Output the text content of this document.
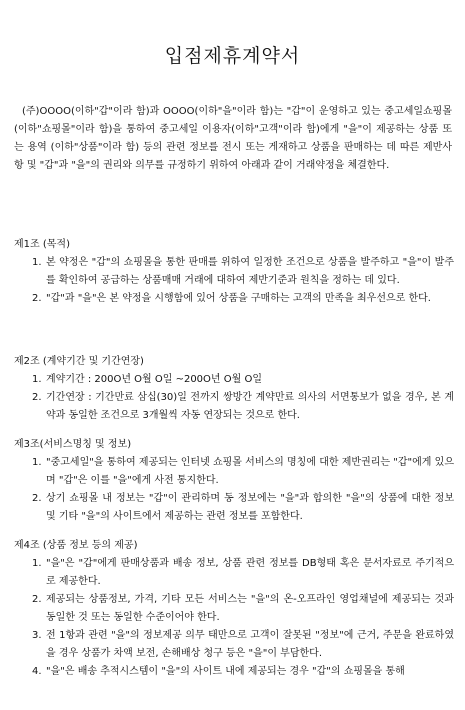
입점제휴계약서

(주)OOOO(이하"갑"이라 함)과 OOOO(이하"을"이라 함)는 "갑"이 운영하고 있는 중고세일쇼핑몰(이하"쇼핑몰"이라 함)을 통하여 중고세일 이용자(이하"고객"이라 함)에게 "을"이 제공하는 상품 또는 용역 (이하"상품"이라 함) 등의 관련 정보를 전시 또는 게재하고 상품을 판매하는 데 따른 제반사항 및 "갑"과 "을"의 권리와 의무를 규정하기 위하여 아래과 같이 거래약정을 체결한다.

제1조 (목적)

1. 본 약정은 "갑"의 쇼핑몰을 통한 판매를 위하여 일정한 조건으로 상품을 발주하고 "을"이 발주를 확인하여 공급하는 상품매매 거래에 대하여 제반기준과 원칙을 정하는 데 있다.
2. "갑"과 "을"은 본 약정을 시행함에 있어 상품을 구매하는 고객의 만족을 최우선으로 한다.

제2조 (계약기간 및 기간연장)

1. 계약기간 : 200O년 O월 O일 ~200O년 O월 O일
2. 기간연장 : 기간만료 삼십(30)일 전까지 쌍방간 계약만료 의사의 서면통보가 없을 경우, 본 계약과 동일한 조건으로 3개월씩 자동 연장되는 것으로 한다.

제3조(서비스명칭 및 정보)

1. "중고세일"을 통하여 제공되는 인터넷 쇼핑몰 서비스의 명칭에 대한 제반권리는 "갑"에게 있으며 "갑"은 이를 "을"에게 사전 통지한다.
2. 상기 쇼핑몰 내 정보는 "갑"이 관리하며 동 정보에는 "을"과 합의한 "을"의 상품에 대한 정보 및 기타 "을"의 사이트에서 제공하는 관련 정보를 포함한다.

제4조 (상품 정보 등의 제공)

1. "을"은 "갑"에게 판매상품과 배송 정보, 상품 관련 정보를 DB형태 혹은 문서자료로 주기적으로 제공한다.
2. 제공되는 상품정보, 가격, 기타 모든 서비스는 "을"의 온-오프라인 영업채널에 제공되는 것과 동일한 것 또는 동일한 수준이어야 한다.
3. 전 1항과 관련 "을"의 정보제공 의무 태만으로 고객이 잘못된 "정보"에 근거, 주문을 완료하였을 경우 상품가 차액 보전, 손해배상 청구 등은 "을"이 부담한다.
4. "을"은 배송 추적시스템이 "을"의 사이트 내에 제공되는 경우 "갑"의 쇼핑몰을 통해
